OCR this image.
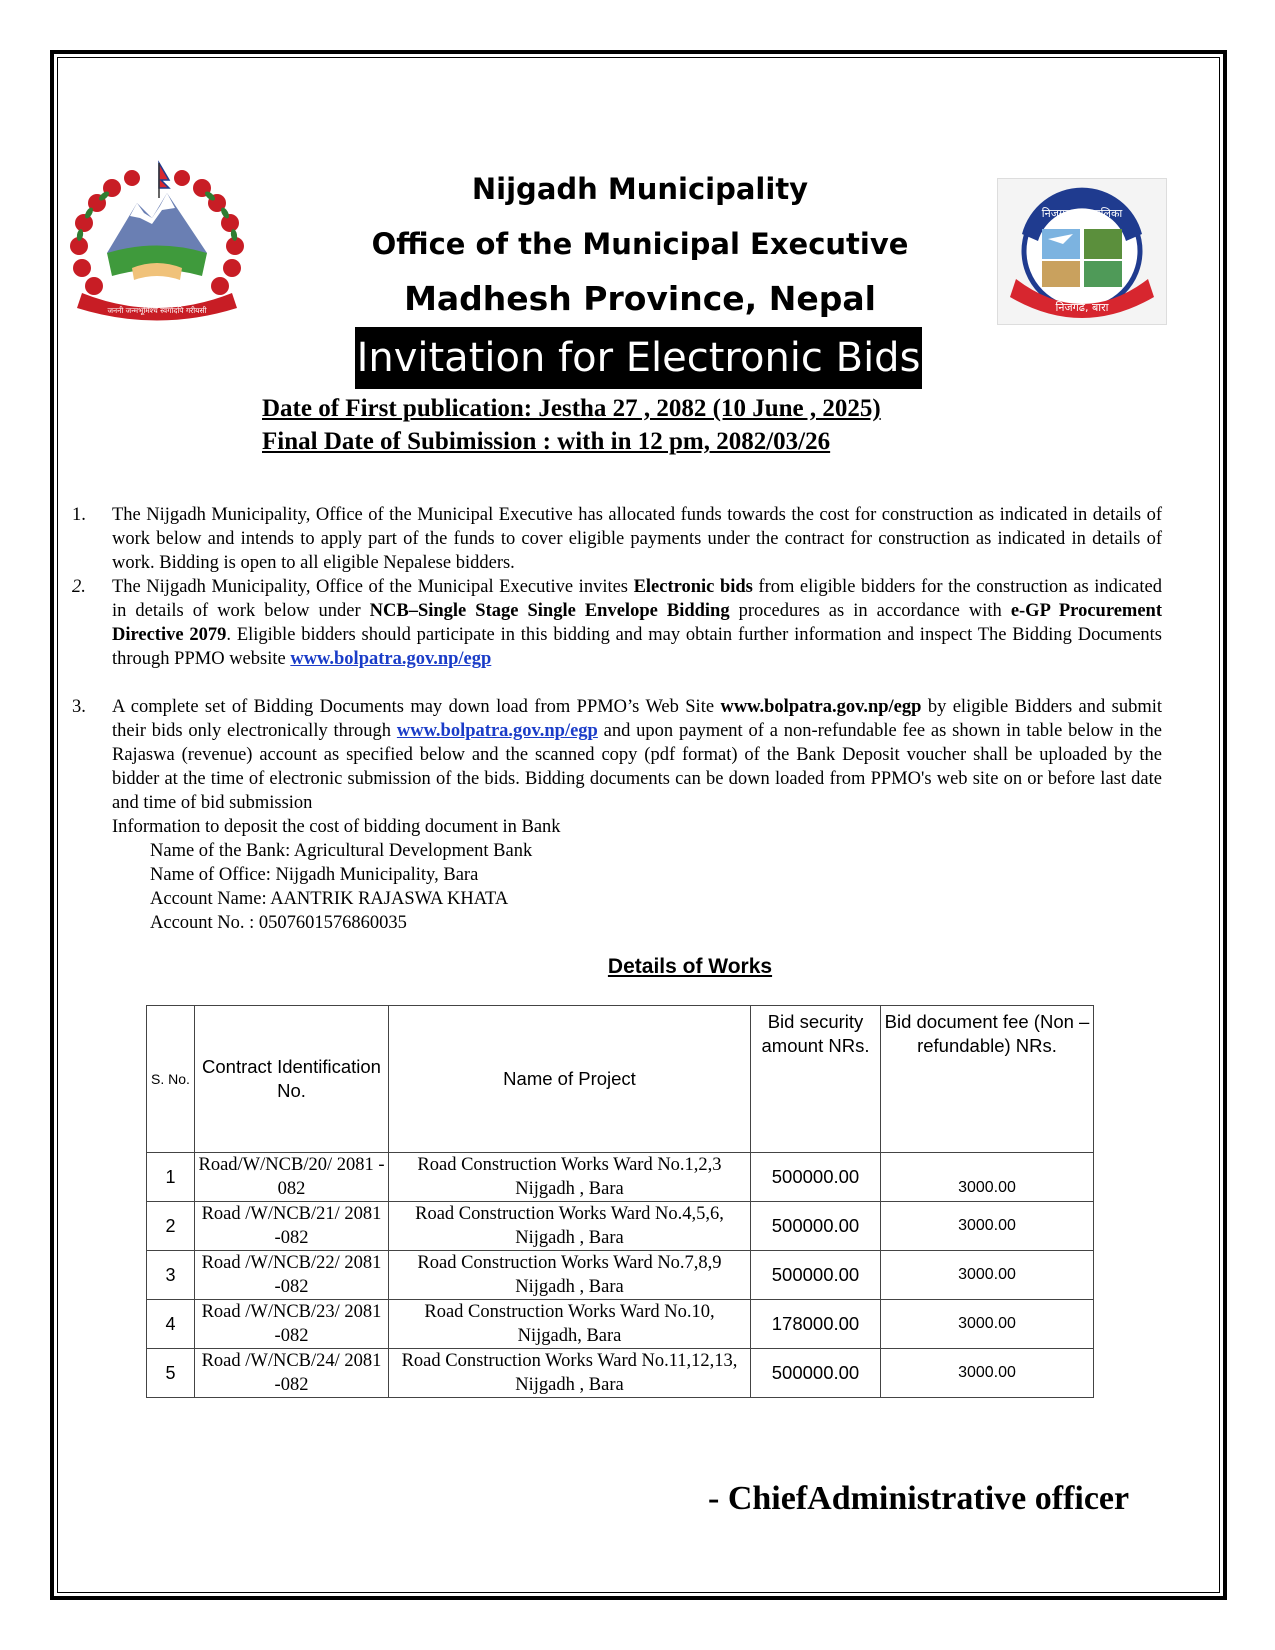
जननी जन्मभूमिश्च स्वर्गादपि गरीयसी
निजगढ नगरपालिका
निजगढ, बारा
Nijgadh Municipality
Office of the Municipal Executive
Madhesh Province, Nepal
Invitation for Electronic Bids
Date of First publication: Jestha 27 , 2082 (10 June , 2025)
Final Date of Subimission : with in 12 pm, 2082/03/26
1.	The Nijgadh Municipality, Office of the Municipal Executive has allocated funds towards the cost for construction as indicated in details of work below and intends to apply part of the funds to cover eligible payments under the contract for construction as indicated in details of work. Bidding is open to all eligible Nepalese bidders.
2.	The Nijgadh Municipality, Office of the Municipal Executive invites Electronic bids from eligible bidders for the construction as indicated in details of work below under NCB–Single Stage Single Envelope Bidding procedures as in accordance with e-GP Procurement Directive 2079. Eligible bidders should participate in this bidding and may obtain further information and inspect The Bidding Documents through PPMO website www.bolpatra.gov.np/egp
3.	A complete set of Bidding Documents may down load from PPMO’s Web Site www.bolpatra.gov.np/egp by eligible Bidders and submit their bids only electronically through www.bolpatra.gov.np/egp and upon payment of a non-refundable fee as shown in table below in the Rajaswa (revenue) account as specified below and the scanned copy (pdf format) of the Bank Deposit voucher shall be uploaded by the bidder at the time of electronic submission of the bids. Bidding documents can be down loaded from PPMO's web site on or before last date and time of bid submission
Information to deposit the cost of bidding document in Bank
Name of the Bank: Agricultural Development Bank
Name of Office: Nijgadh Municipality, Bara
Account Name: AANTRIK RAJASWA KHATA
Account No. : 0507601576860035
Details of Works
S. No.	Contract Identification No.	Name of Project	Bid security amount NRs.	Bid document fee (Non – refundable) NRs.
1	Road/W/NCB/20/ 2081 - 082	Road Construction Works Ward No.1,2,3 Nijgadh , Bara	500000.00	3000.00
2	Road /W/NCB/21/ 2081 -082	Road Construction Works Ward No.4,5,6, Nijgadh , Bara	500000.00	3000.00
3	Road /W/NCB/22/ 2081 -082	Road Construction Works Ward No.7,8,9 Nijgadh , Bara	500000.00	3000.00
4	Road /W/NCB/23/ 2081 -082	Road Construction Works Ward No.10, Nijgadh, Bara	178000.00	3000.00
5	Road /W/NCB/24/ 2081 -082	Road Construction Works Ward No.11,12,13, Nijgadh , Bara	500000.00	3000.00
- ChiefAdministrative officer
